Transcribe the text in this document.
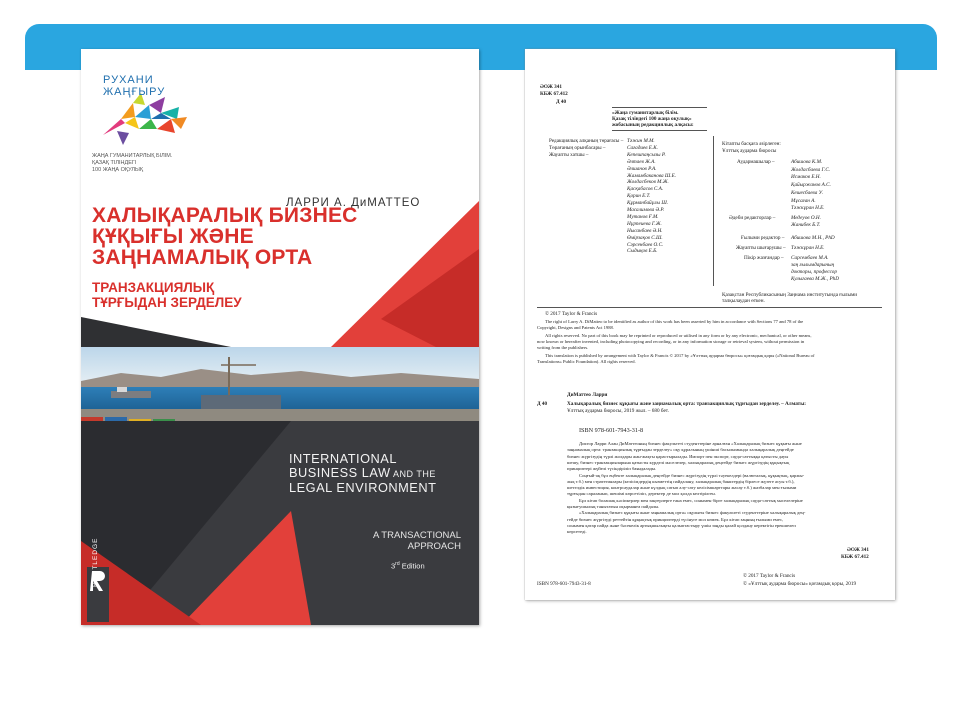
РУХАНИ
ЖАҢҒЫРУ
ЖАҢА ГУМАНИТАРЛЫҚ БІЛІМ.
ҚАЗАҚ ТІЛІНДЕГІ
100 ЖАҢА ОҚУЛЫҚ
ЛАРРИ А. ДиМАТТЕО
ХАЛЫҚАРАЛЫҚ БИЗНЕС
ҚҰҚЫҒЫ ЖӘНЕ
ЗАҢНАМАЛЫҚ ОРТА
ТРАНЗАКЦИЯЛЫҚ
ТҰРҒЫДАН ЗЕРДЕЛЕУ
INTERNATIONAL
BUSINESS LAW AND THE
LEGAL ENVIRONMENT
A TRANSACTIONAL
APPROACH
3rd Edition
ROUTLEDGE
ӘОЖ 341
КБЖ 67.412
Д 40
«Жаңа гуманитарлық білім.
Қазақ тіліндегі 100 жаңа оқулық»
жобасының редакциялық алқасы:
Редакциялық алқаның төрағасы – Тәжин М.М.
Төрағаның орынбасары –	Сағадиев Е.К.
Жауапты хатшы –	Кепешпаңсызы Р.
Әлтаев Ж.А.
Әлшанов Р.А.
Жамамбаканова Ш.Е.
Жолдасбеков М.Ж.
Қасқабасов С.А.
Қорин Е.Т.
Құрманбайұлы Ш.
Масалимова Ә.Р.
Мутанов Ғ.М.
Нұрпеиева Г.Ж.
Нысанбаев Ә.Н.
Өмірзақов С.Ш.
Сәрсенбаев О.С.
Сыдықов Е.Б.
Кітапты басқаға әзірлеген:
Ұлттық аударма бюросы
Аудармашылар –	Абишова К.М.
Жолдасбаева Г.С.
Исмаков Е.Н.
Қайыржанов А.С.
Кешесбаева У.
Мұсаған А.
Тәжкұран Н.Е.
Әдеби редакторлар –	Медеуов О.Н.
Жанибек Б.Т.
Ғылыми редактор – Абишова М.Н., PhD
Жауапты шығарушы – Тәжкұран Н.Е.
Пікір жазғандар – Сарсембаев М.А.
заң ғылымдарының
докторы, профессор
Кулыгаева М.Ж., PhD
Қазақстан Республикасының Заңнама институтында ғылыми
талқылаудан өткен.
© 2017 Taylor & Francis
The right of Larry A. DiMatteo to be identified as author of this work has been asserted by him in accordance with Sections 77 and 78 of the
Copyright, Designs and Patents Act 1988.
All rights reserved. No part of this book may be reprinted or reproduced or utilised in any form or by any electronic, mechanical, or other means,
now known or hereafter invented, including photocopying and recording, or in any information storage or retrieval system, without permission in
writing from the publishers.
This translation is published by arrangement with Taylor & Francis © 2017 by «Ұлттық аударма бюросы» қоғамдық қоры («National Bureau of
Translations» Public Foundation). All rights reserved.
ДиМаттео Ларри
Д 40	Халықаралық бизнес құқығы және заңнамалық орта: транзакциялық тұрғыдан зерделеу. – Алматы:
Ұлттық аударма бюросы, 2019 жыл. – 680 бет.
ISBN 978-601-7943-31-8
Доктор Ларри Алан ДиМаттеоның бизнес факультеті студенттеріне арналған «Халықаралық бизнес құқығы және
заңнамалық орта: транзакциялық тұрғыдан зерделеу» оқу құралының үшінші басылымында халықаралық деңгейде
бизнес жүргізудің түрлі жолдары жан-жақты қарастырылады. Импорт пен экспорт, сауда-саттыққа қатысты дауы
шешу, бизнес транзакцияларына қатысты күрделі мәселелер, халықаралық деңгейде бизнес жүргізудің құқықтық
принциптері жүйелі түсіндіріліп баяндалады.
Соңғый-ақ бұл еңбекте халықаралық деңгейде бизнес жүргізудің түрлі тәуекелдері (валюталық, құқықтық, қаржы-
лық т.б.) мен стратегиялары (келісімдердің кызметтің пайдалану, халықаралық банктердің бірлесе жүзеге асуы т.б.),
шетелдік инвестиция, контрсаудалар және күлдық сатып алу-сату келісімшарттары жасау т.б.) жазбалар мен ғылыми
тұрғыдан сараланып, шешімі көрсетіліп, деректер де мол қолда келтірілген.
Бұл кітап болашақ кәсіпкерлер мен заңгерлерге ғана емес, сонымен бірге халықаралық сауда-саттық мәселелеріне
қызығушылық танытатын оқырманға пайдалы.
«Халықаралық бизнес құқығы және заңнамалық орта» оқулығы бизнес факультеті студенттеріне халықаралық дең-
гейде бизнес жүргізуді реттейтін құқықтық принциптерді түсінуге мол көмек. Бұл кітап заңның ғылыми емес,
сонымен қатар пайда және бәсекелік артықшылықты қалыптастыру үшін заңды қалай қолдану керектігін ерекшелеп
көрсетеді.
ӘОЖ 341
КБЖ 67.412
ISBN 978-601-7943-31-8
© 2017 Taylor & Francis
© «Ұлттық аударма бюросы» қоғамдық қоры, 2019
